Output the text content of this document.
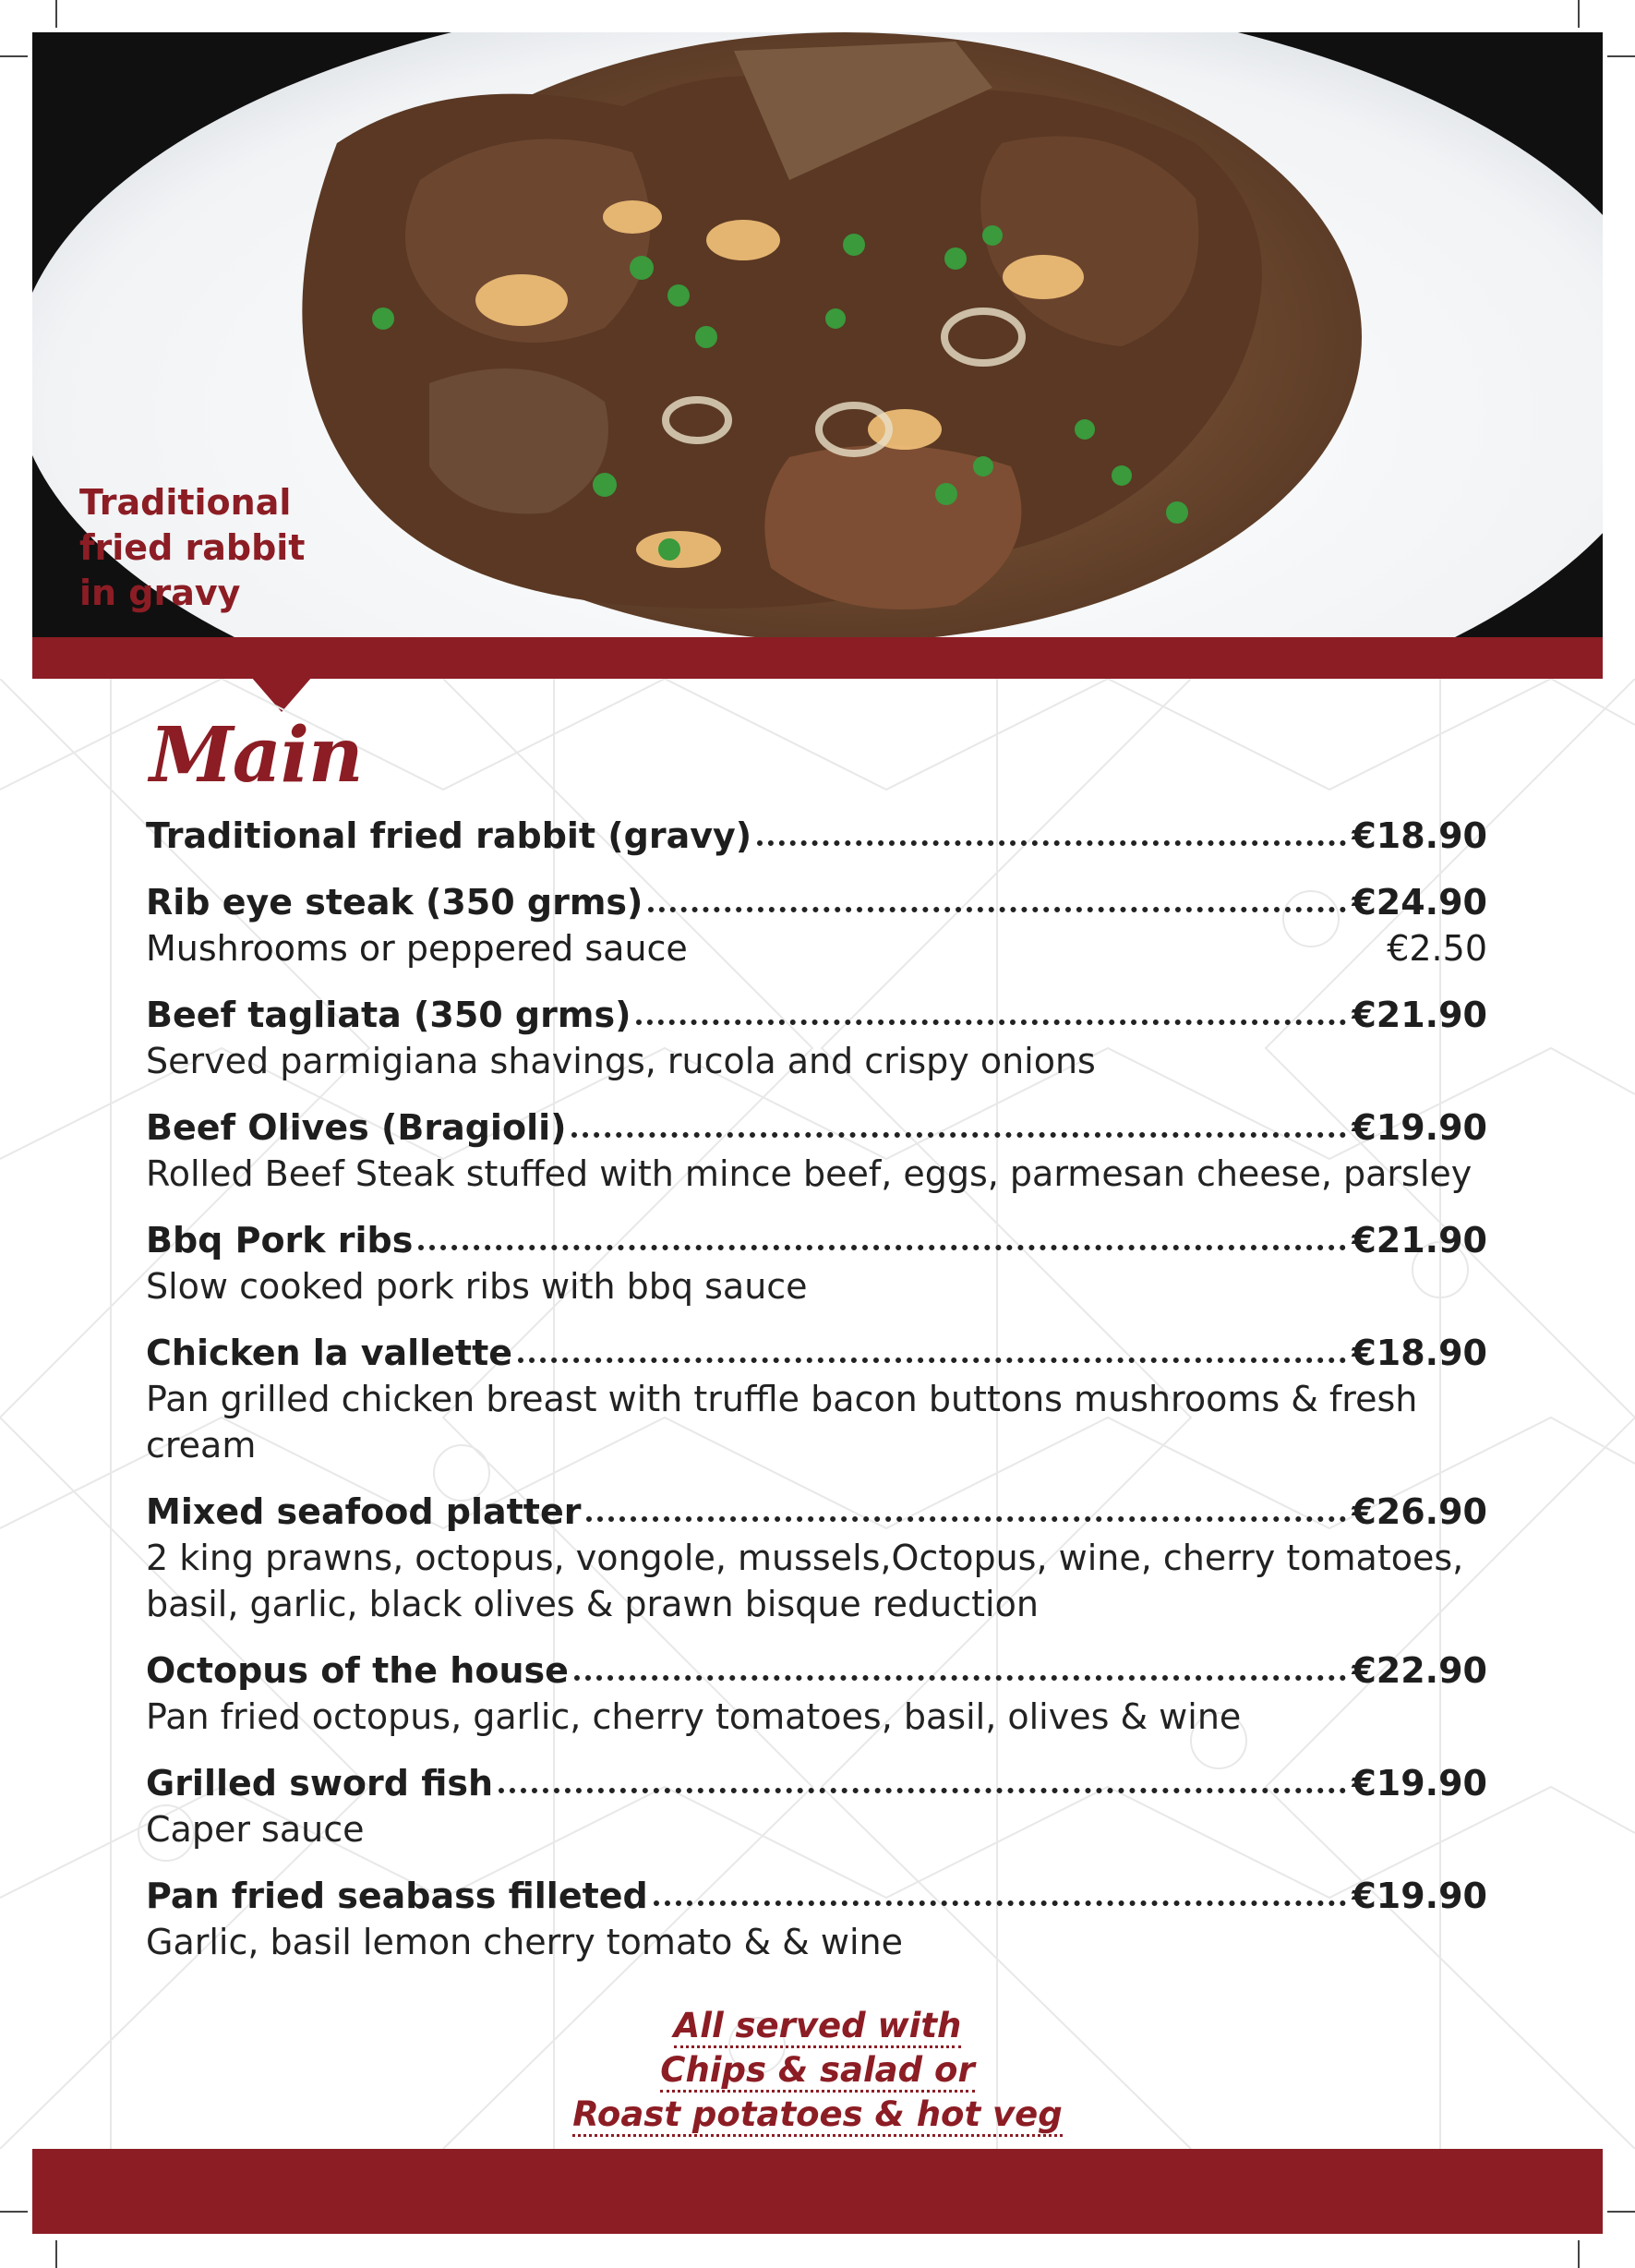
Traditional
fried rabbit
in gravy
Main
Traditional fried rabbit (gravy)	€18.90
Rib eye steak (350 grms)	€24.90
Mushrooms or peppered sauce	€2.50
Beef tagliata (350 grms)	€21.90
Served parmigiana shavings, rucola and crispy onions
Beef Olives (Bragioli)	€19.90
Rolled Beef Steak stuffed with mince beef, eggs, parmesan cheese, parsley
Bbq Pork ribs	€21.90
Slow cooked pork ribs with bbq sauce
Chicken la vallette	€18.90
Pan grilled chicken breast with truffle bacon buttons mushrooms & fresh
cream
Mixed seafood platter	€26.90
2 king prawns, octopus, vongole, mussels,Octopus, wine, cherry tomatoes,
basil, garlic, black olives & prawn bisque reduction
Octopus of the house	€22.90
Pan fried octopus, garlic, cherry tomatoes, basil, olives & wine
Grilled sword fish	€19.90
Caper sauce
Pan fried seabass filleted	€19.90
Garlic, basil lemon cherry tomato & & wine
All served with
Chips & salad or
Roast potatoes & hot veg
